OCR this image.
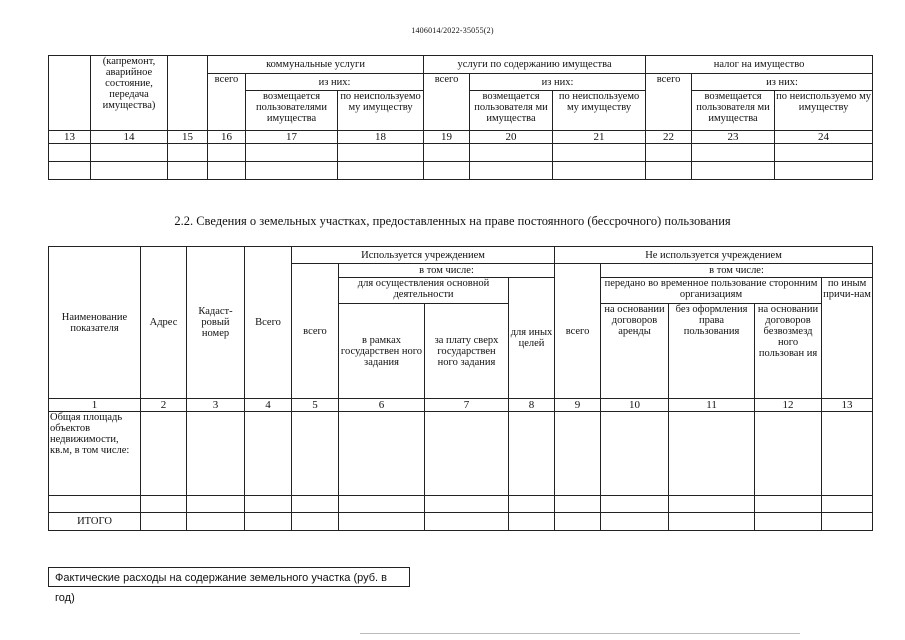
1406014/2022-35055(2)
	(капремонт, аварийное состояние, передача имущества)		коммунальные услуги			услуги по содержанию имущества			налог на имущество		
			всего	из них:		всего	из них:		всего	из них:	
				возмещается пользователями имущества	по неиспользуемо му имуществу		возмещается пользователя ми имущества	по неиспользуемо му имуществу		возмещается пользователя ми имущества	по неиспользуемо му имуществу
13	14	15	16	17	18	19	20	21	22	23	24

2.2. Сведения о земельных участках, предоставленных на праве постоянного (бессрочного) пользования
Наименование показателя	Адрес	Кадаст-ровый номер	Всего	Используется учреждением				Не используется учреждением				
				всего	в том числе:			всего	в том числе:			
					для осуществления основной деятельности		для иных целей		передано во временное пользование сторонним организациям			по иным причи-нам
					в рамках государствен ного задания	за плату сверх государствен ного задания			на основании договоров аренды	без оформления права пользования	на основании договоров безвозмезд ного пользован ия	

1	2	3	4	5	6	7	8	9	10	11	12	13
Общая площадь объектов недвижимости, кв.м, в том числе:												

ИТОГО												
Фактические расходы на содержание земельного участка (руб. в год)
